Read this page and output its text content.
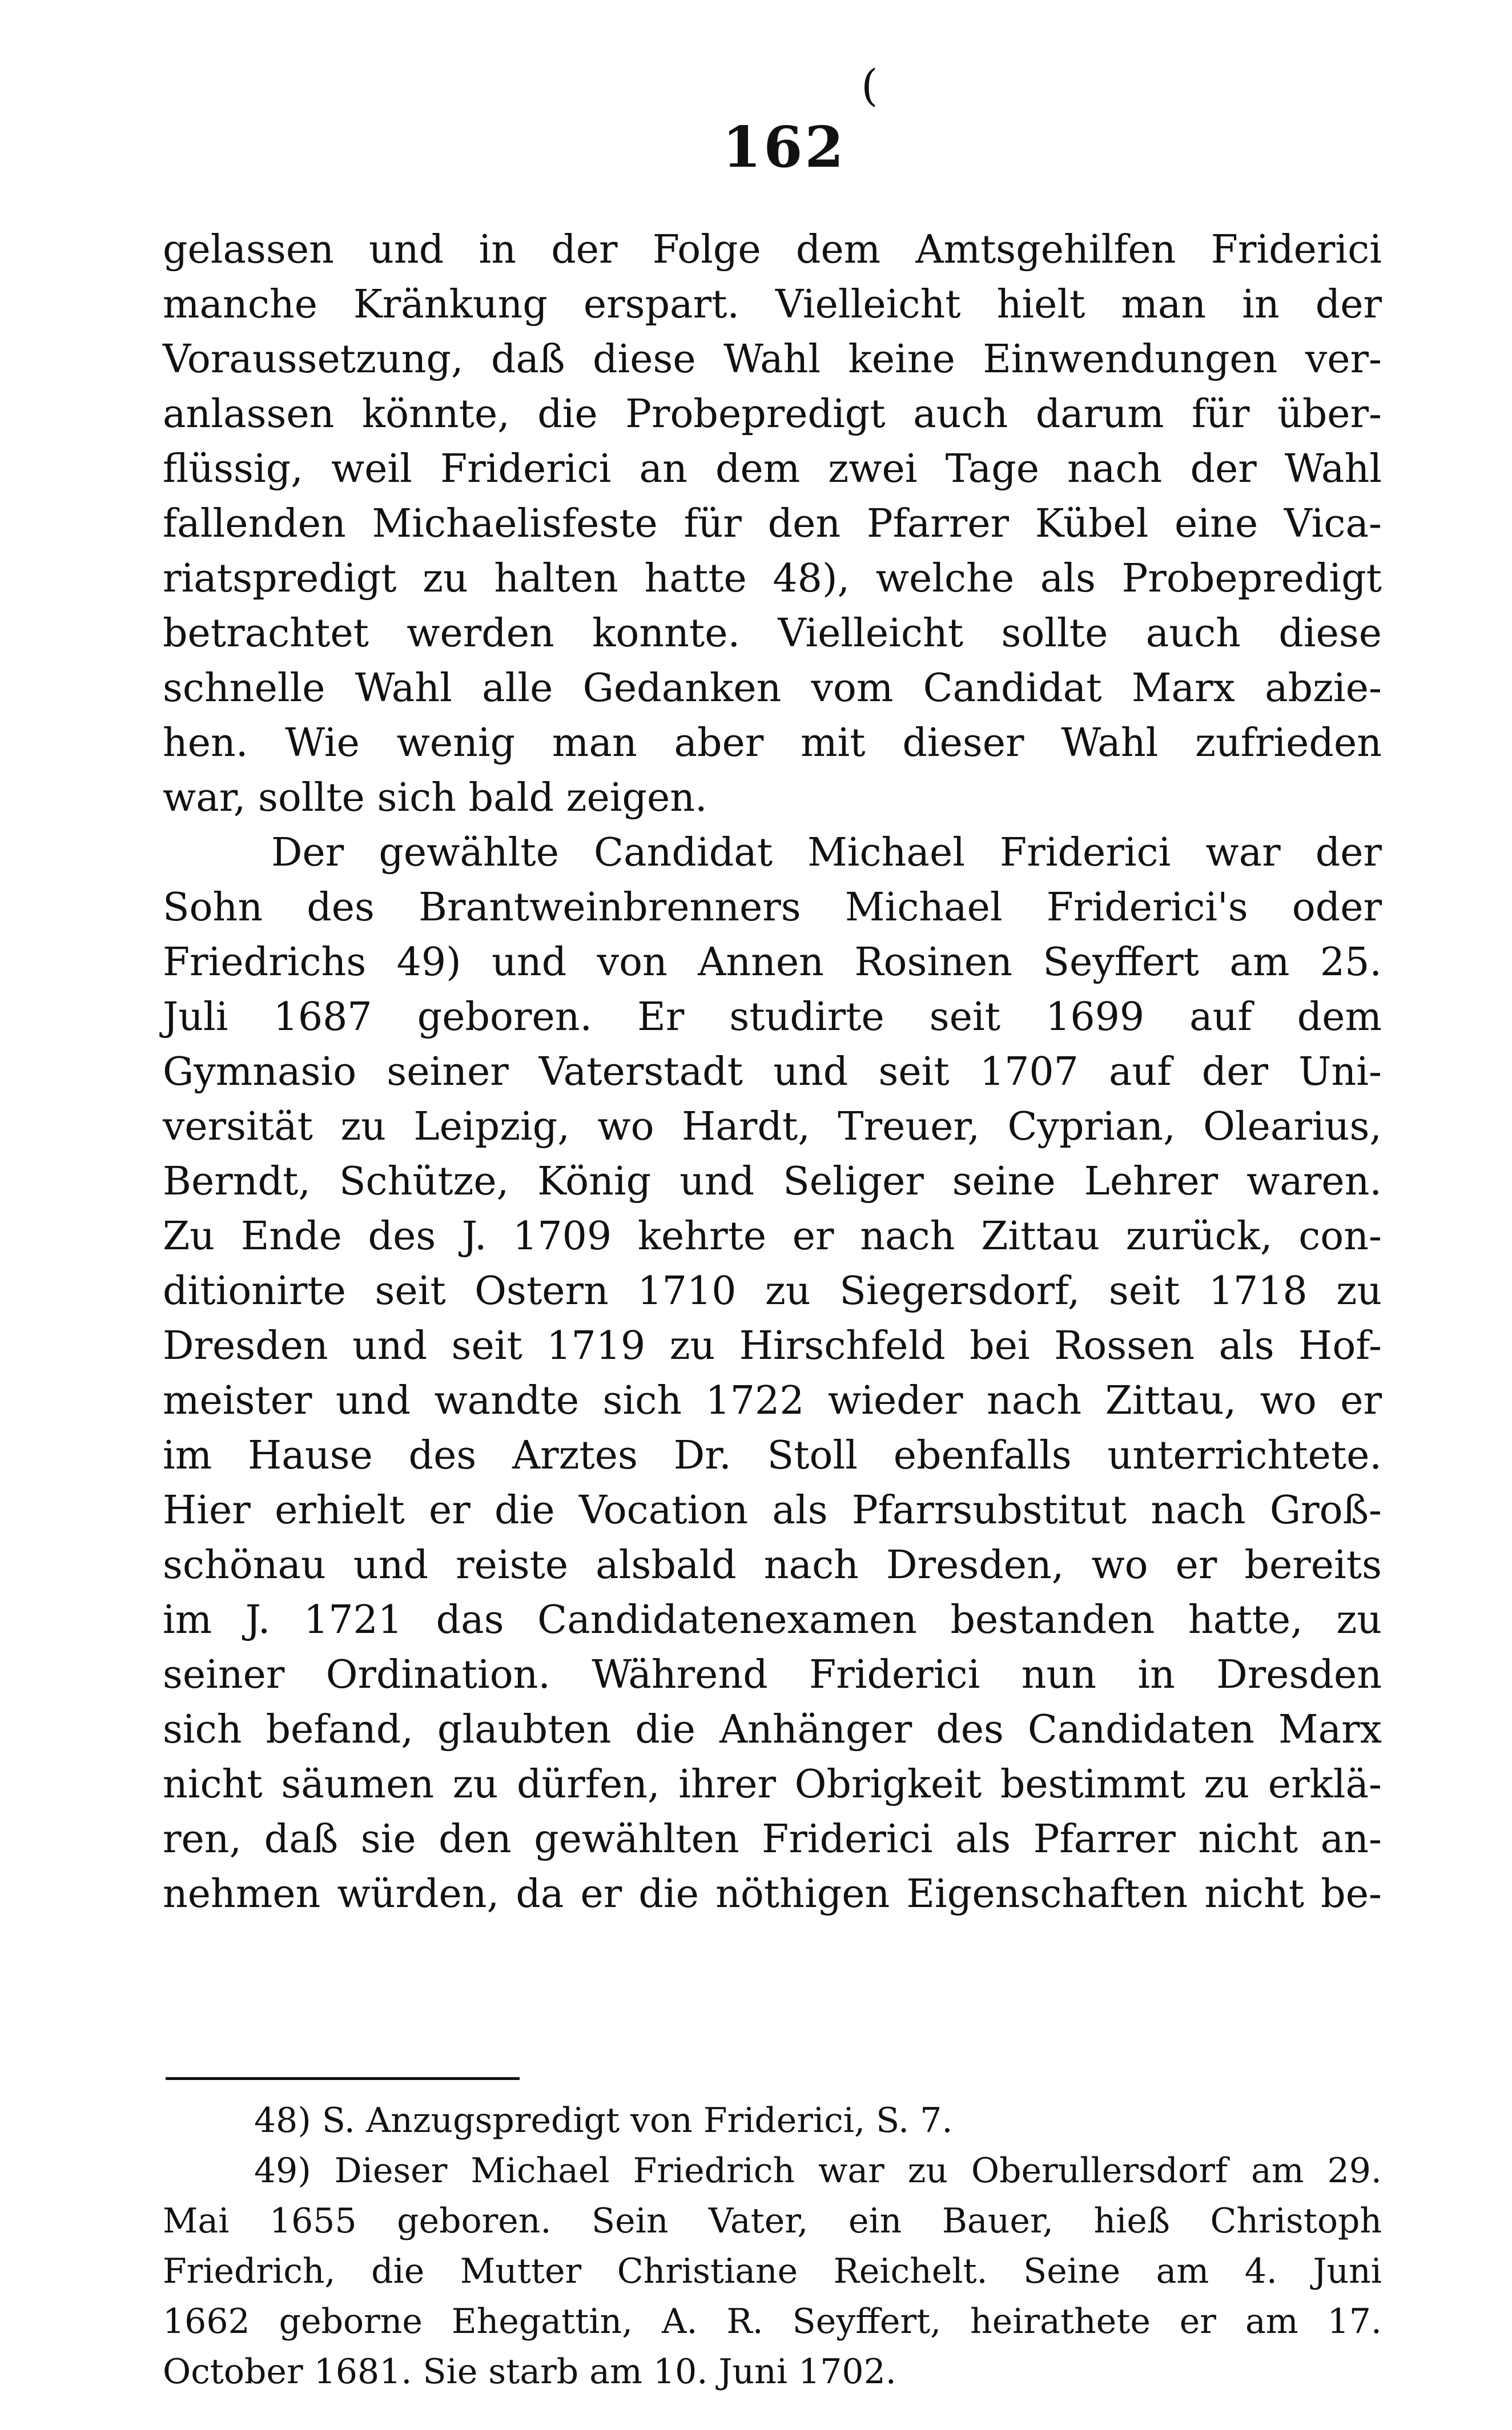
(
162
gelassen und in der Folge dem Amtsgehilfen Friderici
manche Kränkung erspart. Vielleicht hielt man in der
Voraussetzung, daß diese Wahl keine Einwendungen ver-
anlassen könnte, die Probepredigt auch darum für über-
flüssig, weil Friderici an dem zwei Tage nach der Wahl
fallenden Michaelisfeste für den Pfarrer Kübel eine Vica-
riatspredigt zu halten hatte 48), welche als Probepredigt
betrachtet werden konnte. Vielleicht sollte auch diese
schnelle Wahl alle Gedanken vom Candidat Marx abzie-
hen. Wie wenig man aber mit dieser Wahl zufrieden
war, sollte sich bald zeigen.
Der gewählte Candidat Michael Friderici war der
Sohn des Brantweinbrenners Michael Friderici's oder
Friedrichs 49) und von Annen Rosinen Seyffert am 25.
Juli 1687 geboren. Er studirte seit 1699 auf dem
Gymnasio seiner Vaterstadt und seit 1707 auf der Uni-
versität zu Leipzig, wo Hardt, Treuer, Cyprian, Olearius,
Berndt, Schütze, König und Seliger seine Lehrer waren.
Zu Ende des J. 1709 kehrte er nach Zittau zurück, con-
ditionirte seit Ostern 1710 zu Siegersdorf, seit 1718 zu
Dresden und seit 1719 zu Hirschfeld bei Rossen als Hof-
meister und wandte sich 1722 wieder nach Zittau, wo er
im Hause des Arztes Dr. Stoll ebenfalls unterrichtete.
Hier erhielt er die Vocation als Pfarrsubstitut nach Groß-
schönau und reiste alsbald nach Dresden, wo er bereits
im J. 1721 das Candidatenexamen bestanden hatte, zu
seiner Ordination. Während Friderici nun in Dresden
sich befand, glaubten die Anhänger des Candidaten Marx
nicht säumen zu dürfen, ihrer Obrigkeit bestimmt zu erklä-
ren, daß sie den gewählten Friderici als Pfarrer nicht an-
nehmen würden, da er die nöthigen Eigenschaften nicht be-
48) S. Anzugspredigt von Friderici, S. 7.
49) Dieser Michael Friedrich war zu Oberullersdorf am 29.
Mai 1655 geboren. Sein Vater, ein Bauer, hieß Christoph
Friedrich, die Mutter Christiane Reichelt. Seine am 4. Juni
1662 geborne Ehegattin, A. R. Seyffert, heirathete er am 17.
October 1681. Sie starb am 10. Juni 1702.
